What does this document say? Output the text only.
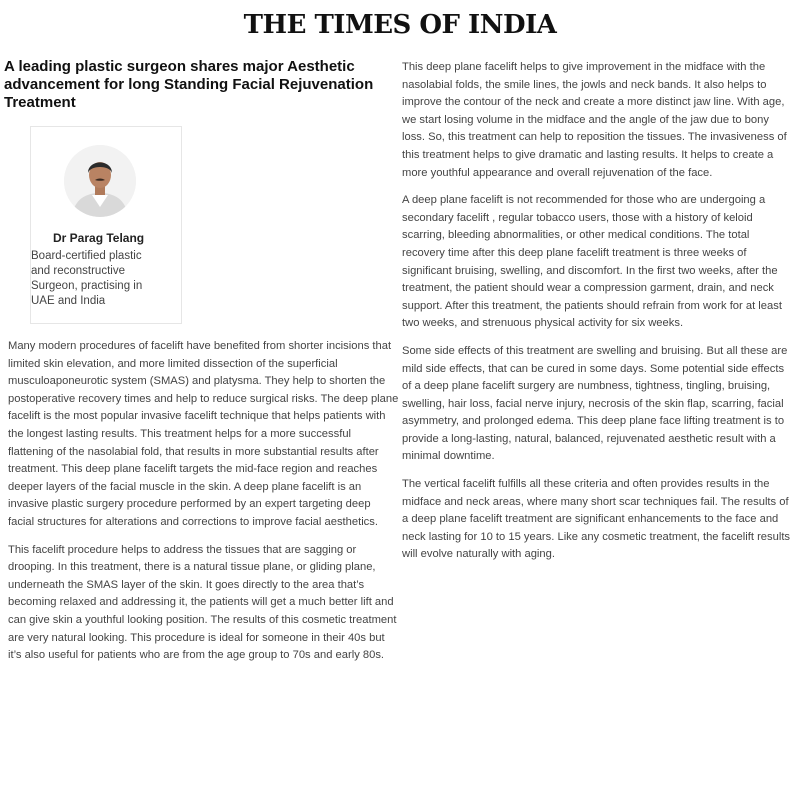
THE TIMES OF INDIA
A leading plastic surgeon shares major Aesthetic advancement for long Standing Facial Rejuvenation Treatment
Dr Parag Telang
Board-certified plastic and reconstructive Surgeon, practising in UAE and India

Many modern procedures of facelift have benefited from shorter incisions that limited skin elevation, and more limited dissection of the superficial musculoaponeurotic system (SMAS) and platysma. They help to shorten the postoperative recovery times and help to reduce surgical risks. The deep plane facelift is the most popular invasive facelift technique that helps patients with the longest lasting results. This treatment helps for a more successful flattening of the nasolabial fold, that results in more substantial results after treatment. This deep plane facelift targets the mid-face region and reaches deeper layers of the facial muscle in the skin. A deep plane facelift is an invasive plastic surgery procedure performed by an expert targeting deep facial structures for alterations and corrections to improve facial aesthetics.

This facelift procedure helps to address the tissues that are sagging or drooping. In this treatment, there is a natural tissue plane, or gliding plane, underneath the SMAS layer of the skin. It goes directly to the area that’s becoming relaxed and addressing it, the patients will get a much better lift and can give skin a youthful looking position. The results of this cosmetic treatment are very natural looking. This procedure is ideal for someone in their 40s but it’s also useful for patients who are from the age group to 70s and early 80s.

This deep plane facelift helps to give improvement in the midface with the nasolabial folds, the smile lines, the jowls and neck bands. It also helps to improve the contour of the neck and create a more distinct jaw line. With age, we start losing volume in the midface and the angle of the jaw due to bony loss. So, this treatment can help to reposition the tissues. The invasiveness of this treatment helps to give dramatic and lasting results. It helps to create a more youthful appearance and overall rejuvenation of the face.

A deep plane facelift is not recommended for those who are undergoing a secondary facelift , regular tobacco users, those with a history of keloid scarring, bleeding abnormalities, or other medical conditions. The total recovery time after this deep plane facelift treatment is three weeks of significant bruising, swelling, and discomfort. In the first two weeks, after the treatment, the patient should wear a compression garment, drain, and neck support. After this treatment, the patients should refrain from work for at least two weeks, and strenuous physical activity for six weeks.

Some side effects of this treatment are swelling and bruising. But all these are mild side effects, that can be cured in some days. Some potential side effects of a deep plane facelift surgery are numbness, tightness, tingling, bruising, swelling, hair loss, facial nerve injury, necrosis of the skin flap, scarring, facial asymmetry, and prolonged edema. This deep plane face lifting treatment is to provide a long-lasting, natural, balanced, rejuvenated aesthetic result with a minimal downtime.

The vertical facelift fulfills all these criteria and often provides results in the midface and neck areas, where many short scar techniques fail. The results of a deep plane facelift treatment are significant enhancements to the face and neck lasting for 10 to 15 years. Like any cosmetic treatment, the facelift results will evolve naturally with aging.
